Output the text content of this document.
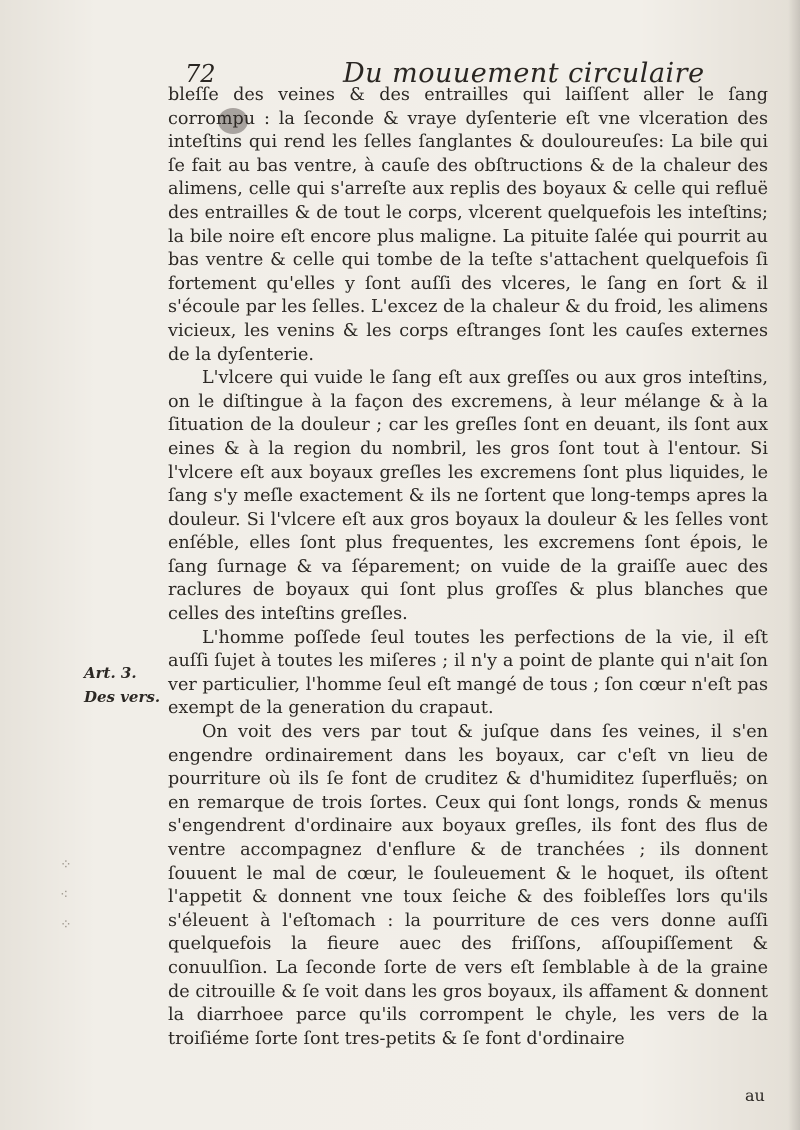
72	Du mouuement circulaire

bleſſe des veines & des entrailles qui laiſſent aller le ſang corrompu : la ſeconde & vraye dyſenterie eſt vne vlceration des inteſtins qui rend les ſelles ſanglantes & douloureuſes: La bile qui ſe fait au bas ventre, à cauſe des obſtructions & de la chaleur des alimens, celle qui s'arreſte aux replis des boyaux & celle qui refluë des entrailles & de tout le corps, vlcerent quelquefois les inteſtins; la bile noire eſt encore plus maligne. La pituite ſalée qui pourrit au bas ventre & celle qui tombe de la teſte s'attachent quelquefois ſi fortement qu'elles y ſont auſſi des vlceres, le ſang en ſort & il s'écoule par les ſelles. L'excez de la chaleur & du froid, les alimens vicieux, les venins & les corps eſtranges ſont les cauſes externes de la dyſenterie.

L'vlcere qui vuide le ſang eſt aux greſſes ou aux gros inteſtins, on le diſtingue à la façon des excremens, à leur mélange & à la ſituation de la douleur ; car les greſles ſont en deuant, ils ſont aux eines & à la region du nombril, les gros ſont tout à l'entour. Si l'vlcere eſt aux boyaux greſles les excremens ſont plus liquides, le ſang s'y meſle exactement & ils ne ſortent que long-temps apres la douleur. Si l'vlcere eſt aux gros boyaux la douleur & les ſelles vont enſéble, elles ſont plus frequentes, les excremens ſont épois, le ſang ſurnage & va ſéparement; on vuide de la graiſſe auec des raclures de boyaux qui ſont plus groſſes & plus blanches que celles des inteſtins greſles.

L'homme poſſede ſeul toutes les perfections de la vie, il eſt auſſi ſujet à toutes les miſeres ; il n'y a point de plante qui n'ait ſon ver particulier, l'homme ſeul eſt mangé de tous ; ſon cœur n'eſt pas exempt de la generation du crapaut.

On voit des vers par tout & juſque dans ſes veines, il s'en engendre ordinairement dans les boyaux, car c'eſt vn lieu de pourriture où ils ſe font de cruditez & d'humiditez ſuperfluës; on en remarque de trois ſortes. Ceux qui ſont longs, ronds & menus s'engendrent d'ordinaire aux boyaux greſles, ils font des flus de ventre accompagnez d'enflure & de tranchées ; ils donnent ſouuent le mal de cœur, le ſouleuement & le hoquet, ils oſtent l'appetit & donnent vne toux ſeiche & des foibleſſes lors qu'ils s'éleuent à l'eſtomach : la pourriture de ces vers donne auſſi quelquefois la fieure auec des friſſons, aſſoupiſſement & conuulſion. La ſeconde ſorte de vers eſt ſemblable à de la graine de citrouille & ſe voit dans les gros boyaux, ils affament & donnent la diarrhoee parce qu'ils corrompent le chyle, les vers de la troiſiéme ſorte ſont tres-petits & ſe font d'ordinaire

Art. 3.
Des vers.
⁘
⁖
⁘
au
